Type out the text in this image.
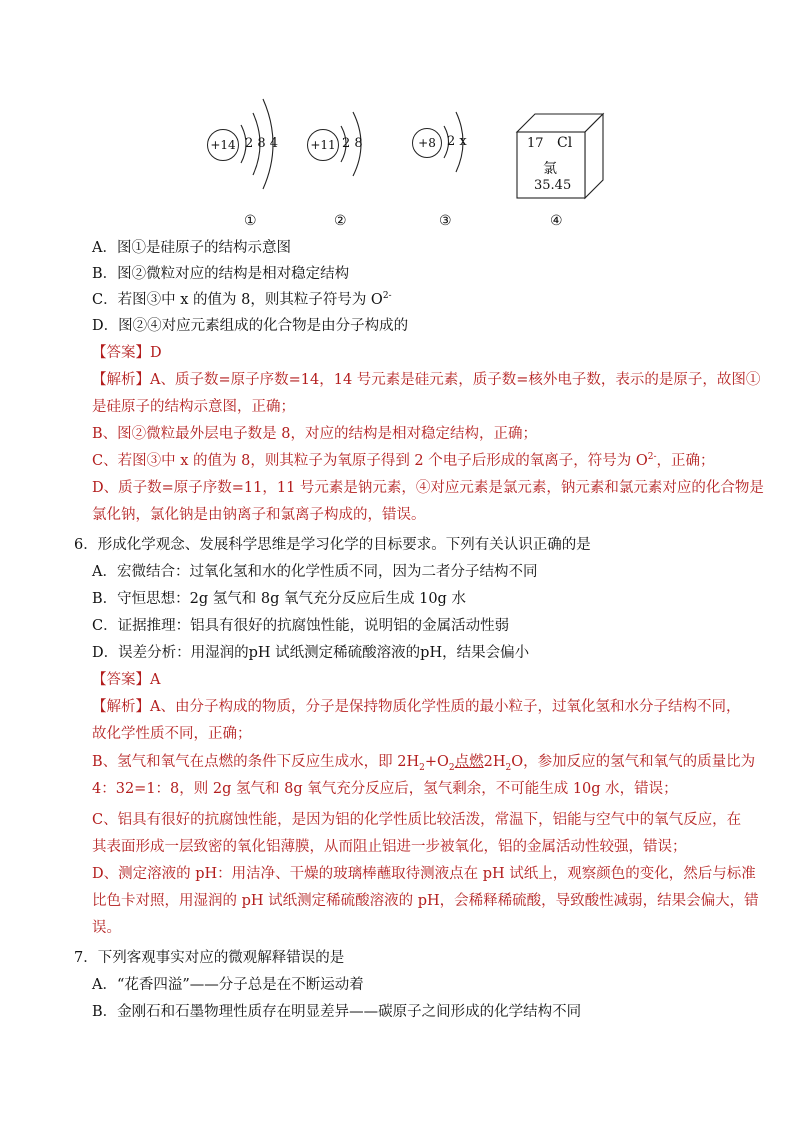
+14 2 8 4	+11 2 8	+8 2 x	17 Cl
氯
35.45
①	②	③	④
A．图①是硅原子的结构示意图
B．图②微粒对应的结构是相对稳定结构
C．若图③中 x 的值为 8，则其粒子符号为 $O^{2-}$
D．图②④对应元素组成的化合物是由分子构成的
【答案】D
【解析】A、质子数=原子序数=14，14 号元素是硅元素，质子数=核外电子数，表示的是原子，故图①
是硅原子的结构示意图，正确；
B、图②微粒最外层电子数是 8，对应的结构是相对稳定结构，正确；
C、若图③中 x 的值为 8，则其粒子为氧原子得到 2 个电子后形成的氧离子，符号为 $O^{2-}$，正确；
D、质子数=原子序数=11，11 号元素是钠元素，④对应元素是氯元素，钠元素和氯元素对应的化合物是
氯化钠，氯化钠是由钠离子和氯离子构成的，错误。
6．形成化学观念、发展科学思维是学习化学的目标要求。下列有关认识正确的是
A．宏微结合：过氧化氢和水的化学性质不同，因为二者分子结构不同
B．守恒思想：2g 氢气和 8g 氧气充分反应后生成 10g 水
C．证据推理：铝具有很好的抗腐蚀性能，说明铝的金属活动性弱
D．误差分析：用湿润的pH 试纸测定稀硫酸溶液的pH，结果会偏小
【答案】A
【解析】A、由分子构成的物质，分子是保持物质化学性质的最小粒子，过氧化氢和水分子结构不同，
故化学性质不同，正确；
B、氢气和氧气在点燃的条件下反应生成水，即 $2H_2+O_2$点燃$2H_2O$，参加反应的氢气和氧气的质量比为
4：32=1：8，则 2g 氢气和 8g 氧气充分反应后，氢气剩余，不可能生成 10g 水，错误；
C、铝具有很好的抗腐蚀性能，是因为铝的化学性质比较活泼，常温下，铝能与空气中的氧气反应，在
其表面形成一层致密的氧化铝薄膜，从而阻止铝进一步被氧化，铝的金属活动性较强，错误；
D、测定溶液的 pH：用洁净、干燥的玻璃棒蘸取待测液点在 pH 试纸上，观察颜色的变化，然后与标准
比色卡对照，用湿润的 pH 试纸测定稀硫酸溶液的 pH，会稀释稀硫酸，导致酸性减弱，结果会偏大，错
误。
7．下列客观事实对应的微观解释错误的是
A．“花香四溢”——分子总是在不断运动着
B．金刚石和石墨物理性质存在明显差异——碳原子之间形成的化学结构不同
